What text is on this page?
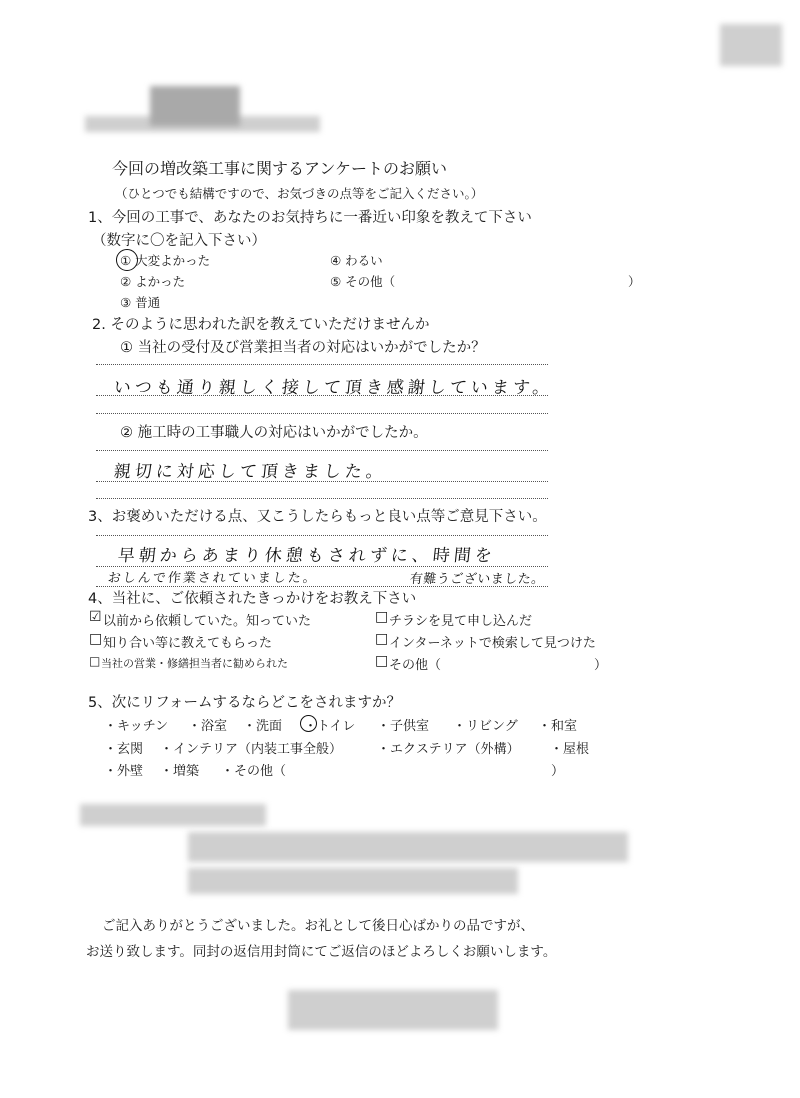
今回の増改築工事に関するアンケートのお願い
（ひとつでも結構ですので、お気づきの点等をご記入ください。）
1、今回の工事で、あなたのお気持ちに一番近い印象を教えて下さい
（数字に〇を記入下さい）
① 大変よかった
② よかった
③ 普通
④ わるい
⑤ その他（	）
2. そのように思われた訳を教えていただけませんか
① 当社の受付及び営業担当者の対応はいかがでしたか？
いつも通り親しく接して頂き感謝しています。
② 施工時の工事職人の対応はいかがでしたか。
親切に対応して頂きました。
3、お褒めいただける点、又こうしたらもっと良い点等ご意見下さい。
早朝からあまり休憩もされずに、時間を
おしんで作業されていました。	有難うございました。
4、当社に、ご依頼されたきっかけをお教え下さい
☑ 以前から依頼していた。知っていた
□ 知り合い等に教えてもらった
□ 当社の営業・修繕担当者に勧められた
□ チラシを見て申し込んだ
□ インターネットで検索して見つけた
□ その他（	）
5、次にリフォームするならどこをされますか？
・キッチン ・浴室 ・洗面 ・トイレ ・子供室 ・リビング ・和室
・玄関 ・インテリア（内装工事全般）	・エクステリア（外構） ・屋根
・外壁 ・増築 ・その他（	）
ご記入ありがとうございました。お礼として後日心ばかりの品ですが、
お送り致します。同封の返信用封筒にてご返信のほどよろしくお願いします。
